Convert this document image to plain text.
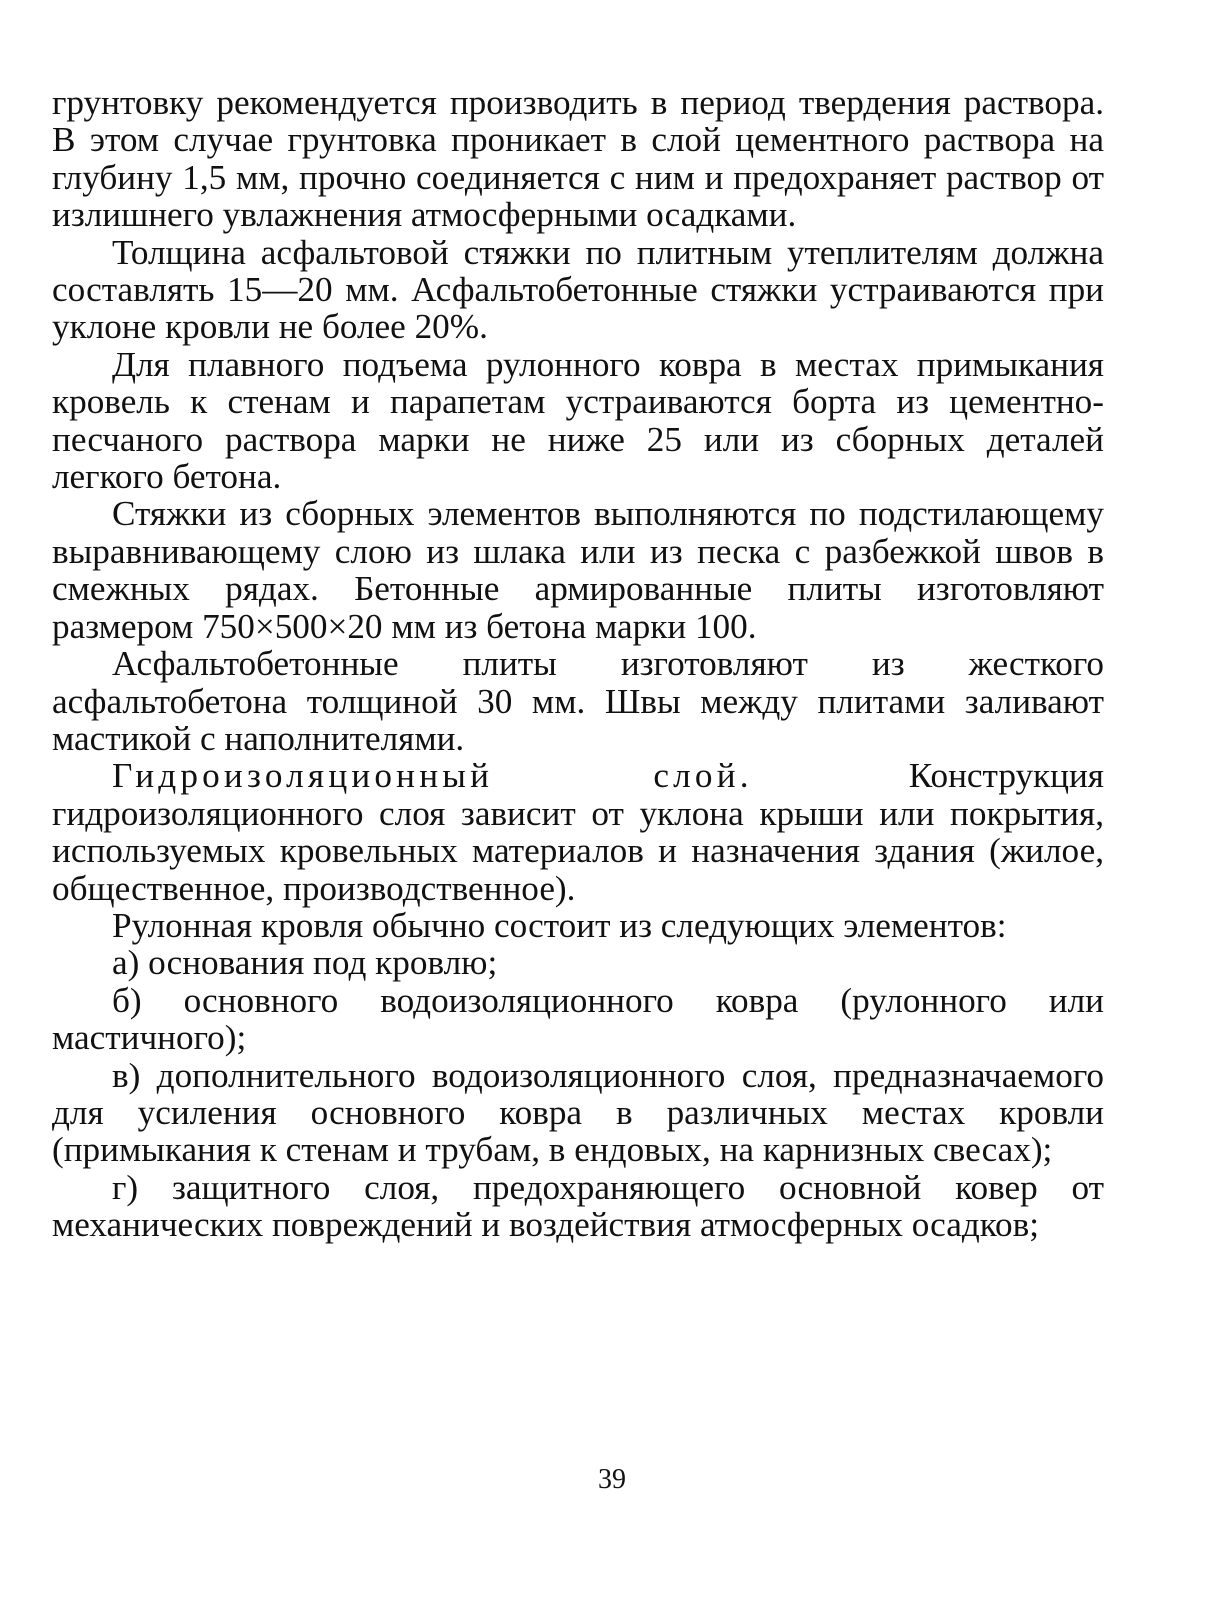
грунтовку рекомендуется производить в период твердения раствора. В этом случае грунтовка проникает в слой цементного раствора на глубину 1,5 мм, прочно соединяется с ним и предохраняет раствор от излишнего увлажнения атмосферными осадками.

Толщина асфальтовой стяжки по плитным утеплителям должна составлять 15—20 мм. Асфальтобетонные стяжки устраиваются при уклоне кровли не более 20%.

Для плавного подъема рулонного ковра в местах примыкания кровель к стенам и парапетам устраиваются борта из цементно-песчаного раствора марки не ниже 25 или из сборных деталей легкого бетона.

Стяжки из сборных элементов выполняются по подстилающему выравнивающему слою из шлака или из песка с разбежкой швов в смежных рядах. Бетонные армированные плиты изготовляют размером 750×500×20 мм из бетона марки 100.

Асфальтобетонные плиты изготовляют из жесткого асфальтобетона толщиной 30 мм. Швы между плитами заливают мастикой с наполнителями.

Гидроизоляционный слой.	Конструкция гидроизоляционного слоя зависит от уклона крыши или покрытия, используемых кровельных материалов и назначения здания (жилое, общественное, производственное).

Рулонная кровля обычно состоит из следующих элементов:

а) основания под кровлю;

б) основного водоизоляционного ковра (рулонного или мастичного);

в) дополнительного водоизоляционного слоя, предназначаемого для усиления основного ковра в различных местах кровли (примыкания к стенам и трубам, в ендовых, на карнизных свесах);

г) защитного слоя, предохраняющего основной ковер от механических повреждений и воздействия атмосферных осадков;

39
